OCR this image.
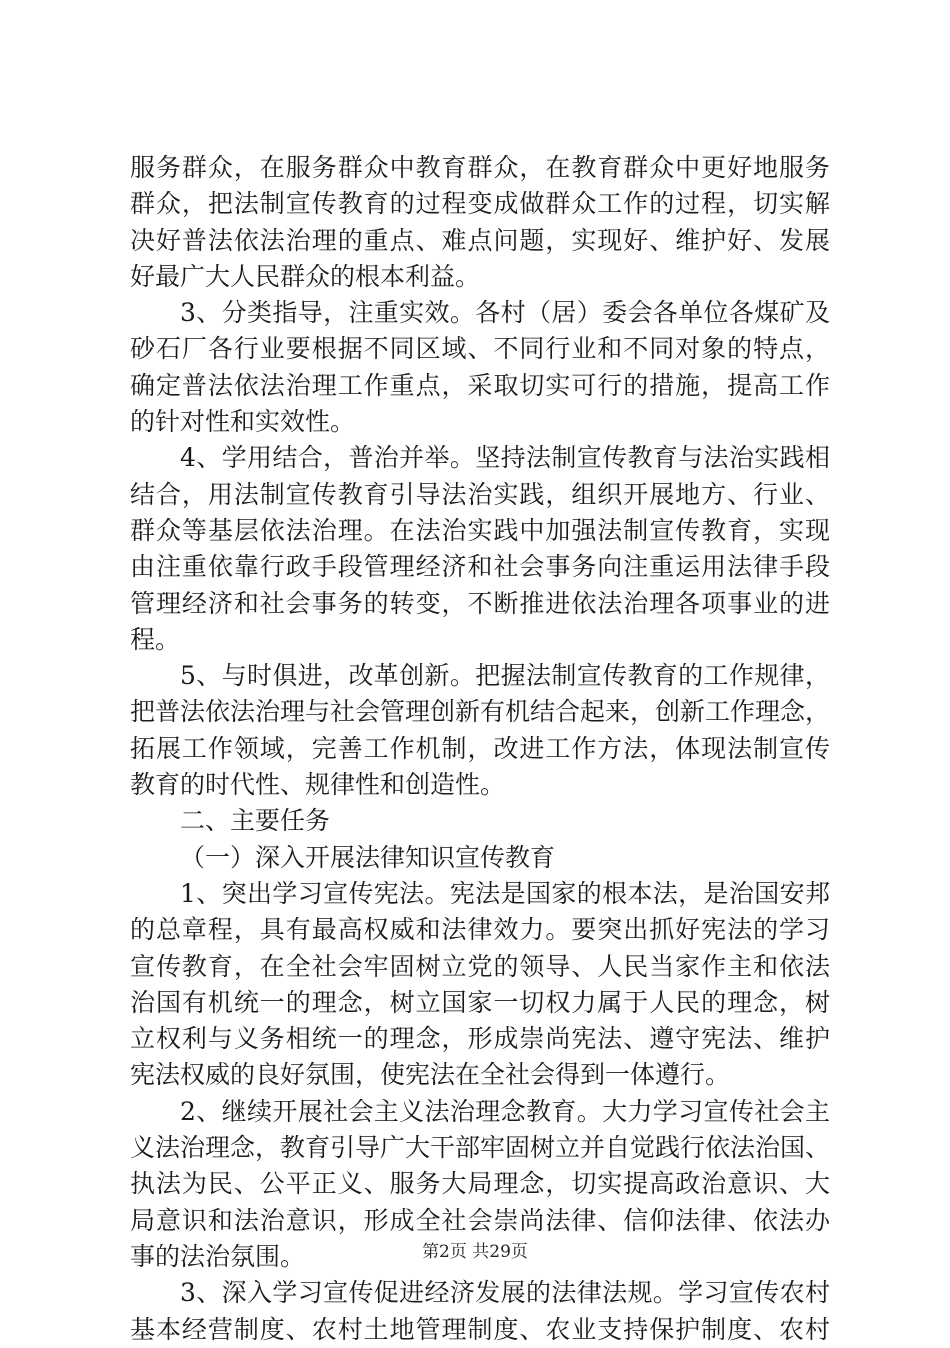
服务群众，在服务群众中教育群众，在教育群众中更好地服务
群众，把法制宣传教育的过程变成做群众工作的过程，切实解
决好普法依法治理的重点、难点问题，实现好、维护好、发展
好最广大人民群众的根本利益。
3、分类指导，注重实效。各村（居）委会各单位各煤矿及
砂石厂各行业要根据不同区域、不同行业和不同对象的特点，
确定普法依法治理工作重点，采取切实可行的措施，提高工作
的针对性和实效性。
4、学用结合，普治并举。坚持法制宣传教育与法治实践相
结合，用法制宣传教育引导法治实践，组织开展地方、行业、
群众等基层依法治理。在法治实践中加强法制宣传教育，实现
由注重依靠行政手段管理经济和社会事务向注重运用法律手段
管理经济和社会事务的转变，不断推进依法治理各项事业的进
程。
5、与时俱进，改革创新。把握法制宣传教育的工作规律，
把普法依法治理与社会管理创新有机结合起来，创新工作理念，
拓展工作领域，完善工作机制，改进工作方法，体现法制宣传
教育的时代性、规律性和创造性。
二、主要任务
（一）深入开展法律知识宣传教育
1、突出学习宣传宪法。宪法是国家的根本法，是治国安邦
的总章程，具有最高权威和法律效力。要突出抓好宪法的学习
宣传教育，在全社会牢固树立党的领导、人民当家作主和依法
治国有机统一的理念，树立国家一切权力属于人民的理念，树
立权利与义务相统一的理念，形成崇尚宪法、遵守宪法、维护
宪法权威的良好氛围，使宪法在全社会得到一体遵行。
2、继续开展社会主义法治理念教育。大力学习宣传社会主
义法治理念，教育引导广大干部牢固树立并自觉践行依法治国、
执法为民、公平正义、服务大局理念，切实提高政治意识、大
局意识和法治意识，形成全社会崇尚法律、信仰法律、依法办
事的法治氛围。
3、深入学习宣传促进经济发展的法律法规。学习宣传农村
基本经营制度、农村土地管理制度、农业支持保护制度、农村
第2页 共29页
